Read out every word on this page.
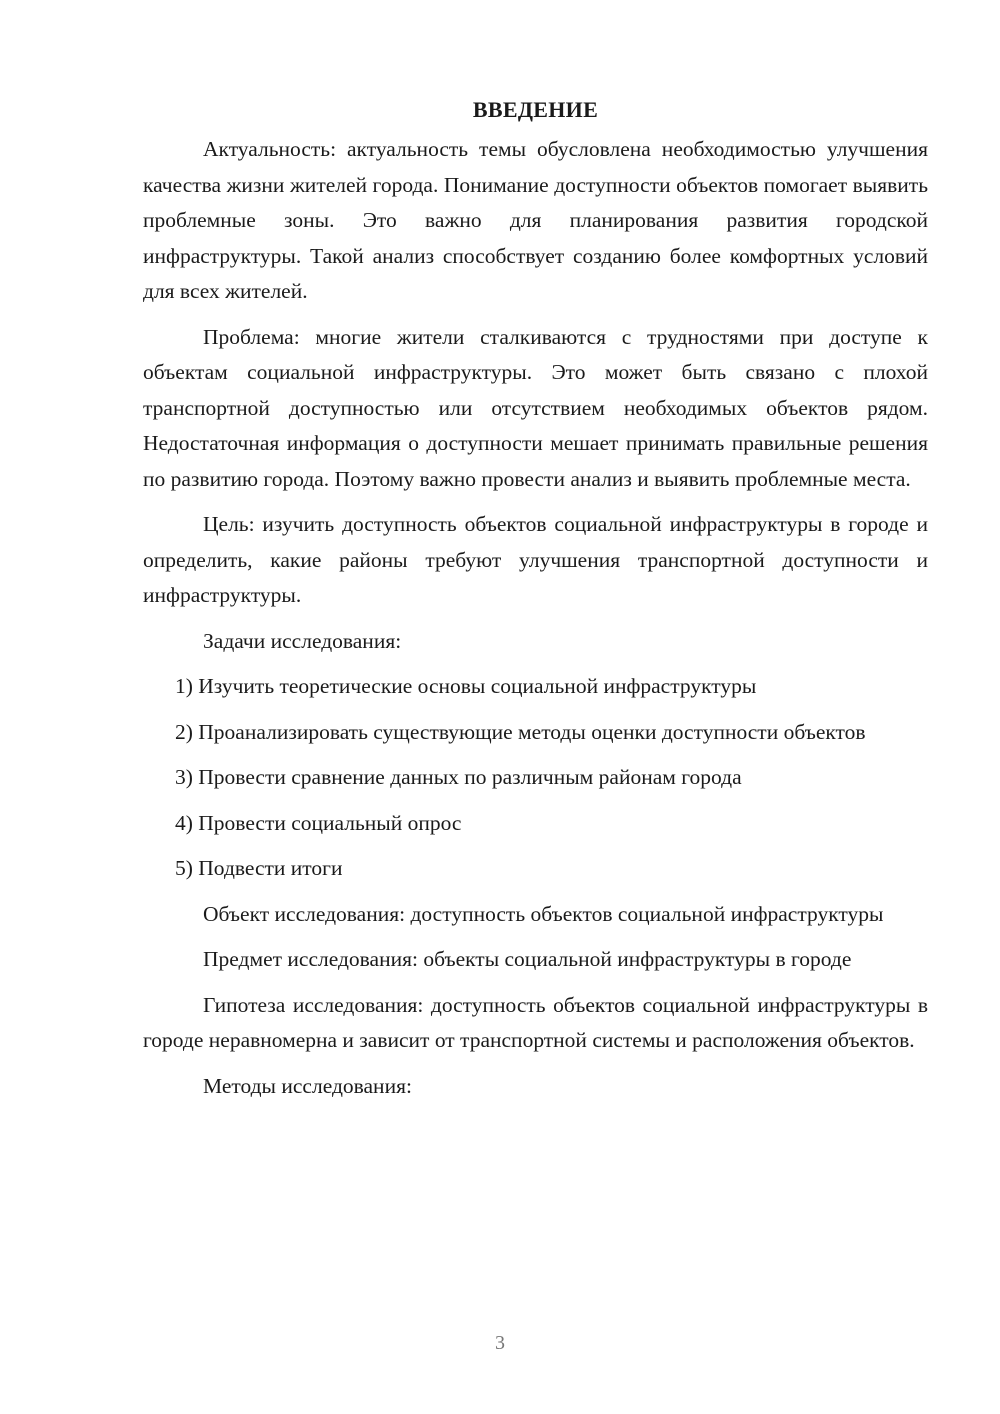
ВВЕДЕНИЕ

Актуальность: актуальность темы обусловлена необходимостью улучшения качества жизни жителей города. Понимание доступности объектов помогает выявить проблемные зоны. Это важно для планирования развития городской инфраструктуры. Такой анализ способствует созданию более комфортных условий для всех жителей.

Проблема: многие жители сталкиваются с трудностями при доступе к объектам социальной инфраструктуры. Это может быть связано с плохой транспортной доступностью или отсутствием необходимых объектов рядом. Недостаточная информация о доступности мешает принимать правильные решения по развитию города. Поэтому важно провести анализ и выявить проблемные места.

Цель: изучить доступность объектов социальной инфраструктуры в городе и определить, какие районы требуют улучшения транспортной доступности и инфраструктуры.

Задачи исследования:

1) Изучить теоретические основы социальной инфраструктуры

2) Проанализировать существующие методы оценки доступности объектов

3) Провести сравнение данных по различным районам города

4) Провести социальный опрос

5) Подвести итоги

Объект исследования: доступность объектов социальной инфраструктуры

Предмет исследования: объекты социальной инфраструктуры в городе

Гипотеза исследования: доступность объектов социальной инфраструктуры в городе неравномерна и зависит от транспортной системы и расположения объектов.

Методы исследования:

3
